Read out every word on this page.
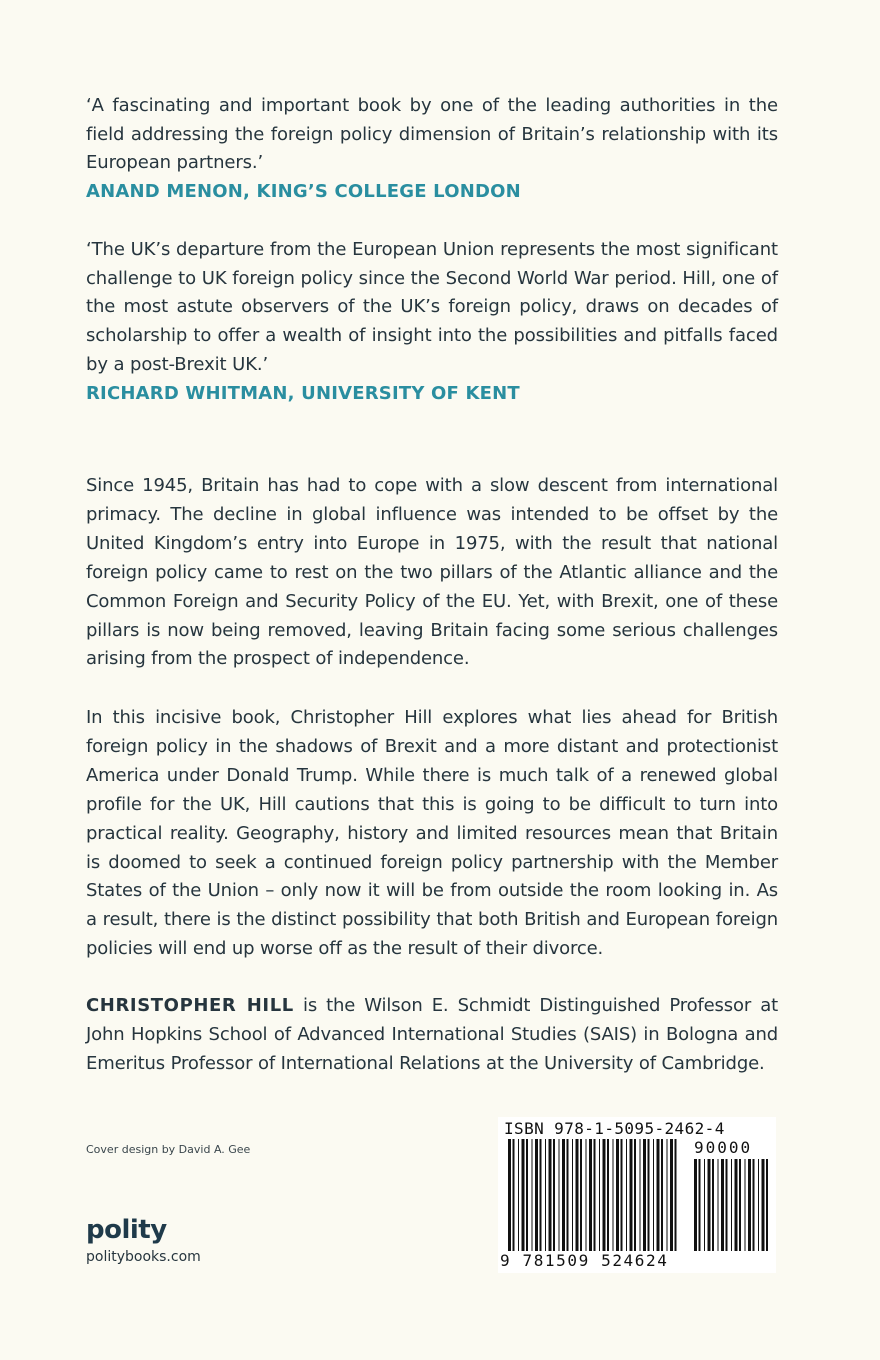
‘A fascinating and important book by one of the leading authorities in the field addressing the foreign policy dimension of Britain’s relationship with its European partners.’

ANAND MENON, KING’S COLLEGE LONDON

‘The UK’s departure from the European Union represents the most significant challenge to UK foreign policy since the Second World War period. Hill, one of the most astute observers of the UK’s foreign policy, draws on decades of scholarship to offer a wealth of insight into the possibilities and pitfalls faced by a post-Brexit UK.’

RICHARD WHITMAN, UNIVERSITY OF KENT

Since 1945, Britain has had to cope with a slow descent from international primacy. The decline in global influence was intended to be offset by the United Kingdom’s entry into Europe in 1975, with the result that national foreign policy came to rest on the two pillars of the Atlantic alliance and the Common Foreign and Security Policy of the EU. Yet, with Brexit, one of these pillars is now being removed, leaving Britain facing some serious challenges arising from the prospect of independence.

In this incisive book, Christopher Hill explores what lies ahead for British foreign policy in the shadows of Brexit and a more distant and protectionist America under Donald Trump. While there is much talk of a renewed global profile for the UK, Hill cautions that this is going to be difficult to turn into practical reality. Geography, history and limited resources mean that Britain is doomed to seek a continued foreign policy partnership with the Member States of the Union – only now it will be from outside the room looking in. As a result, there is the distinct possibility that both British and European foreign policies will end up worse off as the result of their divorce.

CHRISTOPHER HILL is the Wilson E. Schmidt Distinguished Professor at John Hopkins School of Advanced International Studies (SAIS) in Bologna and Emeritus Professor of International Relations at the University of Cambridge.

Cover design by David A. Gee
polity
politybooks.com
ISBN 978-1-5095-2462-4
90000
9 781509 524624
